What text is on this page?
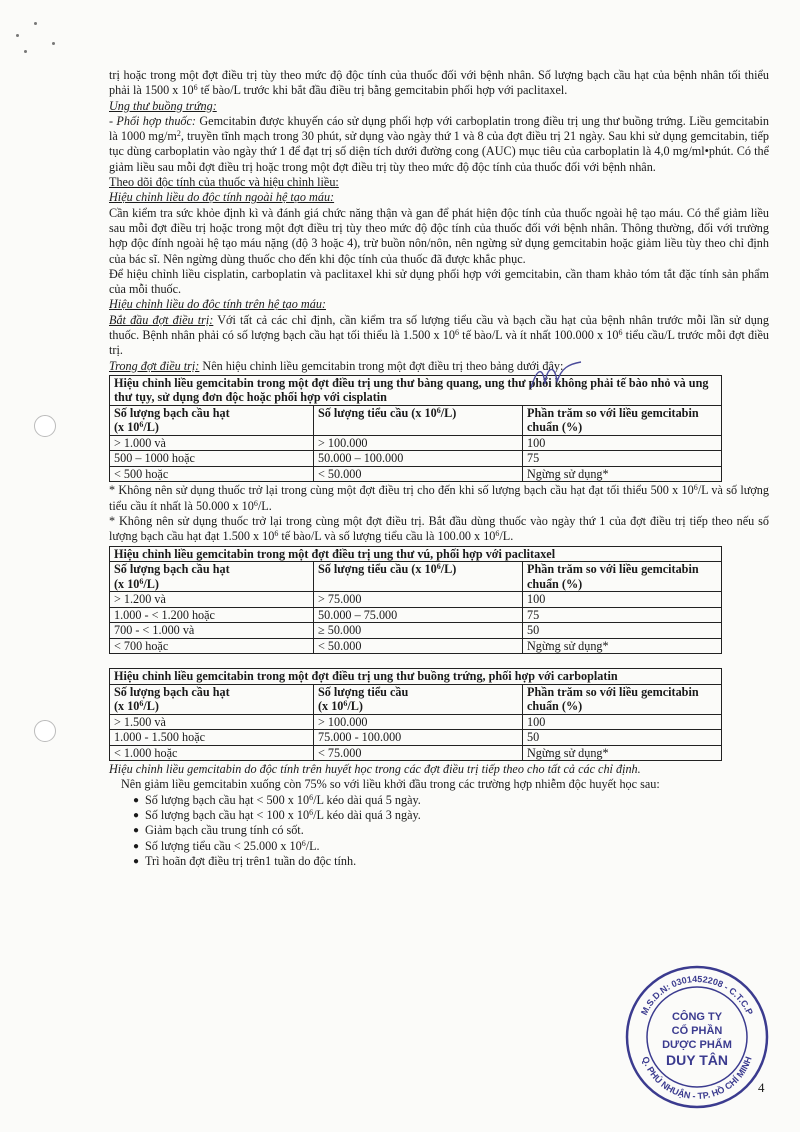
trị hoặc trong một đợt điều trị tùy theo mức độ độc tính của thuốc đối với bệnh nhân. Số lượng bạch cầu hạt của bệnh nhân tối thiểu phải là 1500 x $10^6$ tế bào/L trước khi bắt đầu điều trị bằng gemcitabin phối hợp với paclitaxel.

Ung thư buồng trứng:

- Phối hợp thuốc: Gemcitabin được khuyến cáo sử dụng phối hợp với carboplatin trong điều trị ung thư buồng trứng. Liều gemcitabin là 1000 $mg/m^2$, truyền tĩnh mạch trong 30 phút, sử dụng vào ngày thứ 1 và 8 của đợt điều trị 21 ngày. Sau khi sử dụng gemcitabin, tiếp tục dùng carboplatin vào ngày thứ 1 để đạt trị số diện tích dưới đường cong (AUC) mục tiêu của carboplatin là 4,0 mg/ml•phút. Có thể giảm liều sau mỗi đợt điều trị hoặc trong một đợt điều trị tùy theo mức độ độc tính của thuốc đối với bệnh nhân.

Theo dõi độc tính của thuốc và hiệu chỉnh liều:

Hiệu chỉnh liều do độc tính ngoài hệ tạo máu:

Cần kiểm tra sức khỏe định kì và đánh giá chức năng thận và gan để phát hiện độc tính của thuốc ngoài hệ tạo máu. Có thể giảm liều sau mỗi đợt điều trị hoặc trong một đợt điều trị tùy theo mức độ độc tính của thuốc đối với bệnh nhân. Thông thường, đối với trường hợp độc đính ngoài hệ tạo máu nặng (độ 3 hoặc 4), trừ buồn nôn/nôn, nên ngừng sử dụng gemcitabin hoặc giảm liều tùy theo chỉ định của bác sĩ. Nên ngừng dùng thuốc cho đến khi độc tính của thuốc đã được khắc phục.

Để hiệu chỉnh liều cisplatin, carboplatin và paclitaxel khi sử dụng phối hợp với gemcitabin, cần tham khảo tóm tắt đặc tính sản phẩm của mỗi thuốc.

Hiệu chỉnh liều do độc tính trên hệ tạo máu:

Bắt đầu đợt điều trị: Với tất cả các chỉ định, cần kiểm tra số lượng tiểu cầu và bạch cầu hạt của bệnh nhân trước mỗi lần sử dụng thuốc. Bệnh nhân phải có số lượng bạch cầu hạt tối thiểu là 1.500 x $10^6$ tế bào/L và ít nhất 100.000 x $10^6$ tiểu cầu/L trước mỗi đợt điều trị.

Trong đợt điều trị: Nên hiệu chỉnh liều gemcitabin trong một đợt điều trị theo bảng dưới đây:

Hiệu chỉnh liều gemcitabin trong một đợt điều trị ung thư bàng quang, ung thư phổi không phải tế bào nhỏ và ung thư tụy, sử dụng đơn độc hoặc phối hợp với cisplatin		
Số lượng bạch cầu hạt
(x $10^6/L$)	Số lượng tiểu cầu (x $10^6/L$)	Phần trăm so với liều gemcitabin chuẩn (%)
> 1.000 và	> 100.000	100
500 – 1000 hoặc	50.000 – 100.000	75
< 500 hoặc	< 50.000	Ngừng sử dụng*

* Không nên sử dụng thuốc trở lại trong cùng một đợt điều trị cho đến khi số lượng bạch cầu hạt đạt tối thiểu 500 x $10^6/L$ và số lượng tiểu cầu ít nhất là 50.000 x $10^6/L$.

* Không nên sử dụng thuốc trở lại trong cùng một đợt điều trị. Bắt đầu dùng thuốc vào ngày thứ 1 của đợt điều trị tiếp theo nếu số lượng bạch cầu hạt đạt 1.500 x $10^6$ tế bào/L và số lượng tiểu cầu là 100.00 x $10^6/L$.

Hiệu chỉnh liều gemcitabin trong một đợt điều trị ung thư vú, phối hợp với paclitaxel		
Số lượng bạch cầu hạt
(x $10^6/L$)	Số lượng tiểu cầu (x $10^6/L$)	Phần trăm so với liều gemcitabin chuẩn (%)
> 1.200 và	> 75.000	100
1.000 - < 1.200 hoặc	50.000 – 75.000	75
700 - < 1.000 và	≥ 50.000	50
< 700 hoặc	< 50.000	Ngừng sử dụng*
Hiệu chỉnh liều gemcitabin trong một đợt điều trị ung thư buồng trứng, phối hợp với carboplatin		
Số lượng bạch cầu hạt
(x $10^6/L$)	Số lượng tiểu cầu
(x $10^6/L$)	Phần trăm so với liều gemcitabin chuẩn (%)
> 1.500 và	> 100.000	100
1.000 - 1.500 hoặc	75.000 - 100.000	50
< 1.000 hoặc	< 75.000	Ngừng sử dụng*

Hiệu chỉnh liều gemcitabin do độc tính trên huyết học trong các đợt điều trị tiếp theo cho tất cả các chỉ định.

Nên giảm liều gemcitabin xuống còn 75% so với liều khởi đầu trong các trường hợp nhiễm độc huyết học sau:

● Số lượng bạch cầu hạt < 500 x $10^6/L$ kéo dài quá 5 ngày.
● Số lượng bạch cầu hạt < 100 x $10^6/L$ kéo dài quá 3 ngày.
● Giảm bạch cầu trung tính có sốt.
● Số lượng tiểu cầu < 25.000 x $10^6/L$.
● Trì hoãn đợt điều trị trên1 tuần do độc tính.
M.S.D.N: 0301452208 - C.T.C.P
Q. PHÚ NHUẬN - TP. HỒ CHÍ MINH
CÔNG TY
CỔ PHẦN
DƯỢC PHẨM
DUY TÂN
4
